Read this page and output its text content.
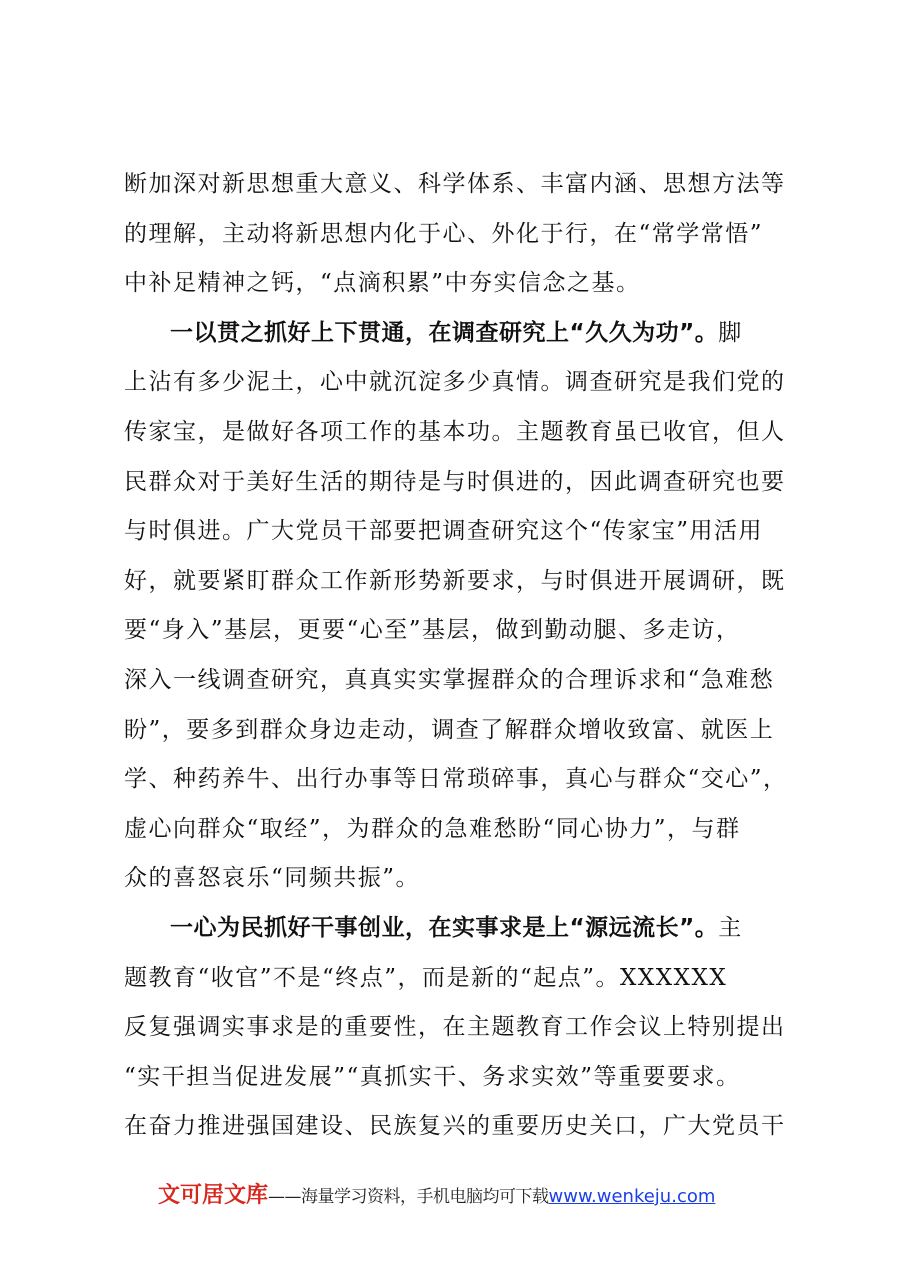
断加深对新思想重大意义、科学体系、丰富内涵、思想方法等
的理解，主动将新思想内化于心、外化于行，在“常学常悟”
中补足精神之钙，“点滴积累”中夯实信念之基。
一以贯之抓好上下贯通，在调查研究上“久久为功”。脚
上沾有多少泥土，心中就沉淀多少真情。调查研究是我们党的
传家宝，是做好各项工作的基本功。主题教育虽已收官，但人
民群众对于美好生活的期待是与时俱进的，因此调查研究也要
与时俱进。广大党员干部要把调查研究这个“传家宝”用活用
好，就要紧盯群众工作新形势新要求，与时俱进开展调研，既
要“身入”基层，更要“心至”基层，做到勤动腿、多走访，
深入一线调查研究，真真实实掌握群众的合理诉求和“急难愁
盼”，要多到群众身边走动，调查了解群众增收致富、就医上
学、种药养牛、出行办事等日常琐碎事，真心与群众“交心”，
虚心向群众“取经”，为群众的急难愁盼“同心协力”，与群
众的喜怒哀乐“同频共振”。
一心为民抓好干事创业，在实事求是上“源远流长”。主
题教育“收官”不是“终点”，而是新的“起点”。XXXXXX
反复强调实事求是的重要性，在主题教育工作会议上特别提出
“实干担当促进发展”“真抓实干、务求实效”等重要要求。
在奋力推进强国建设、民族复兴的重要历史关口，广大党员干
文可居文库——海量学习资料，手机电脑均可下载www.wenkeju.com
